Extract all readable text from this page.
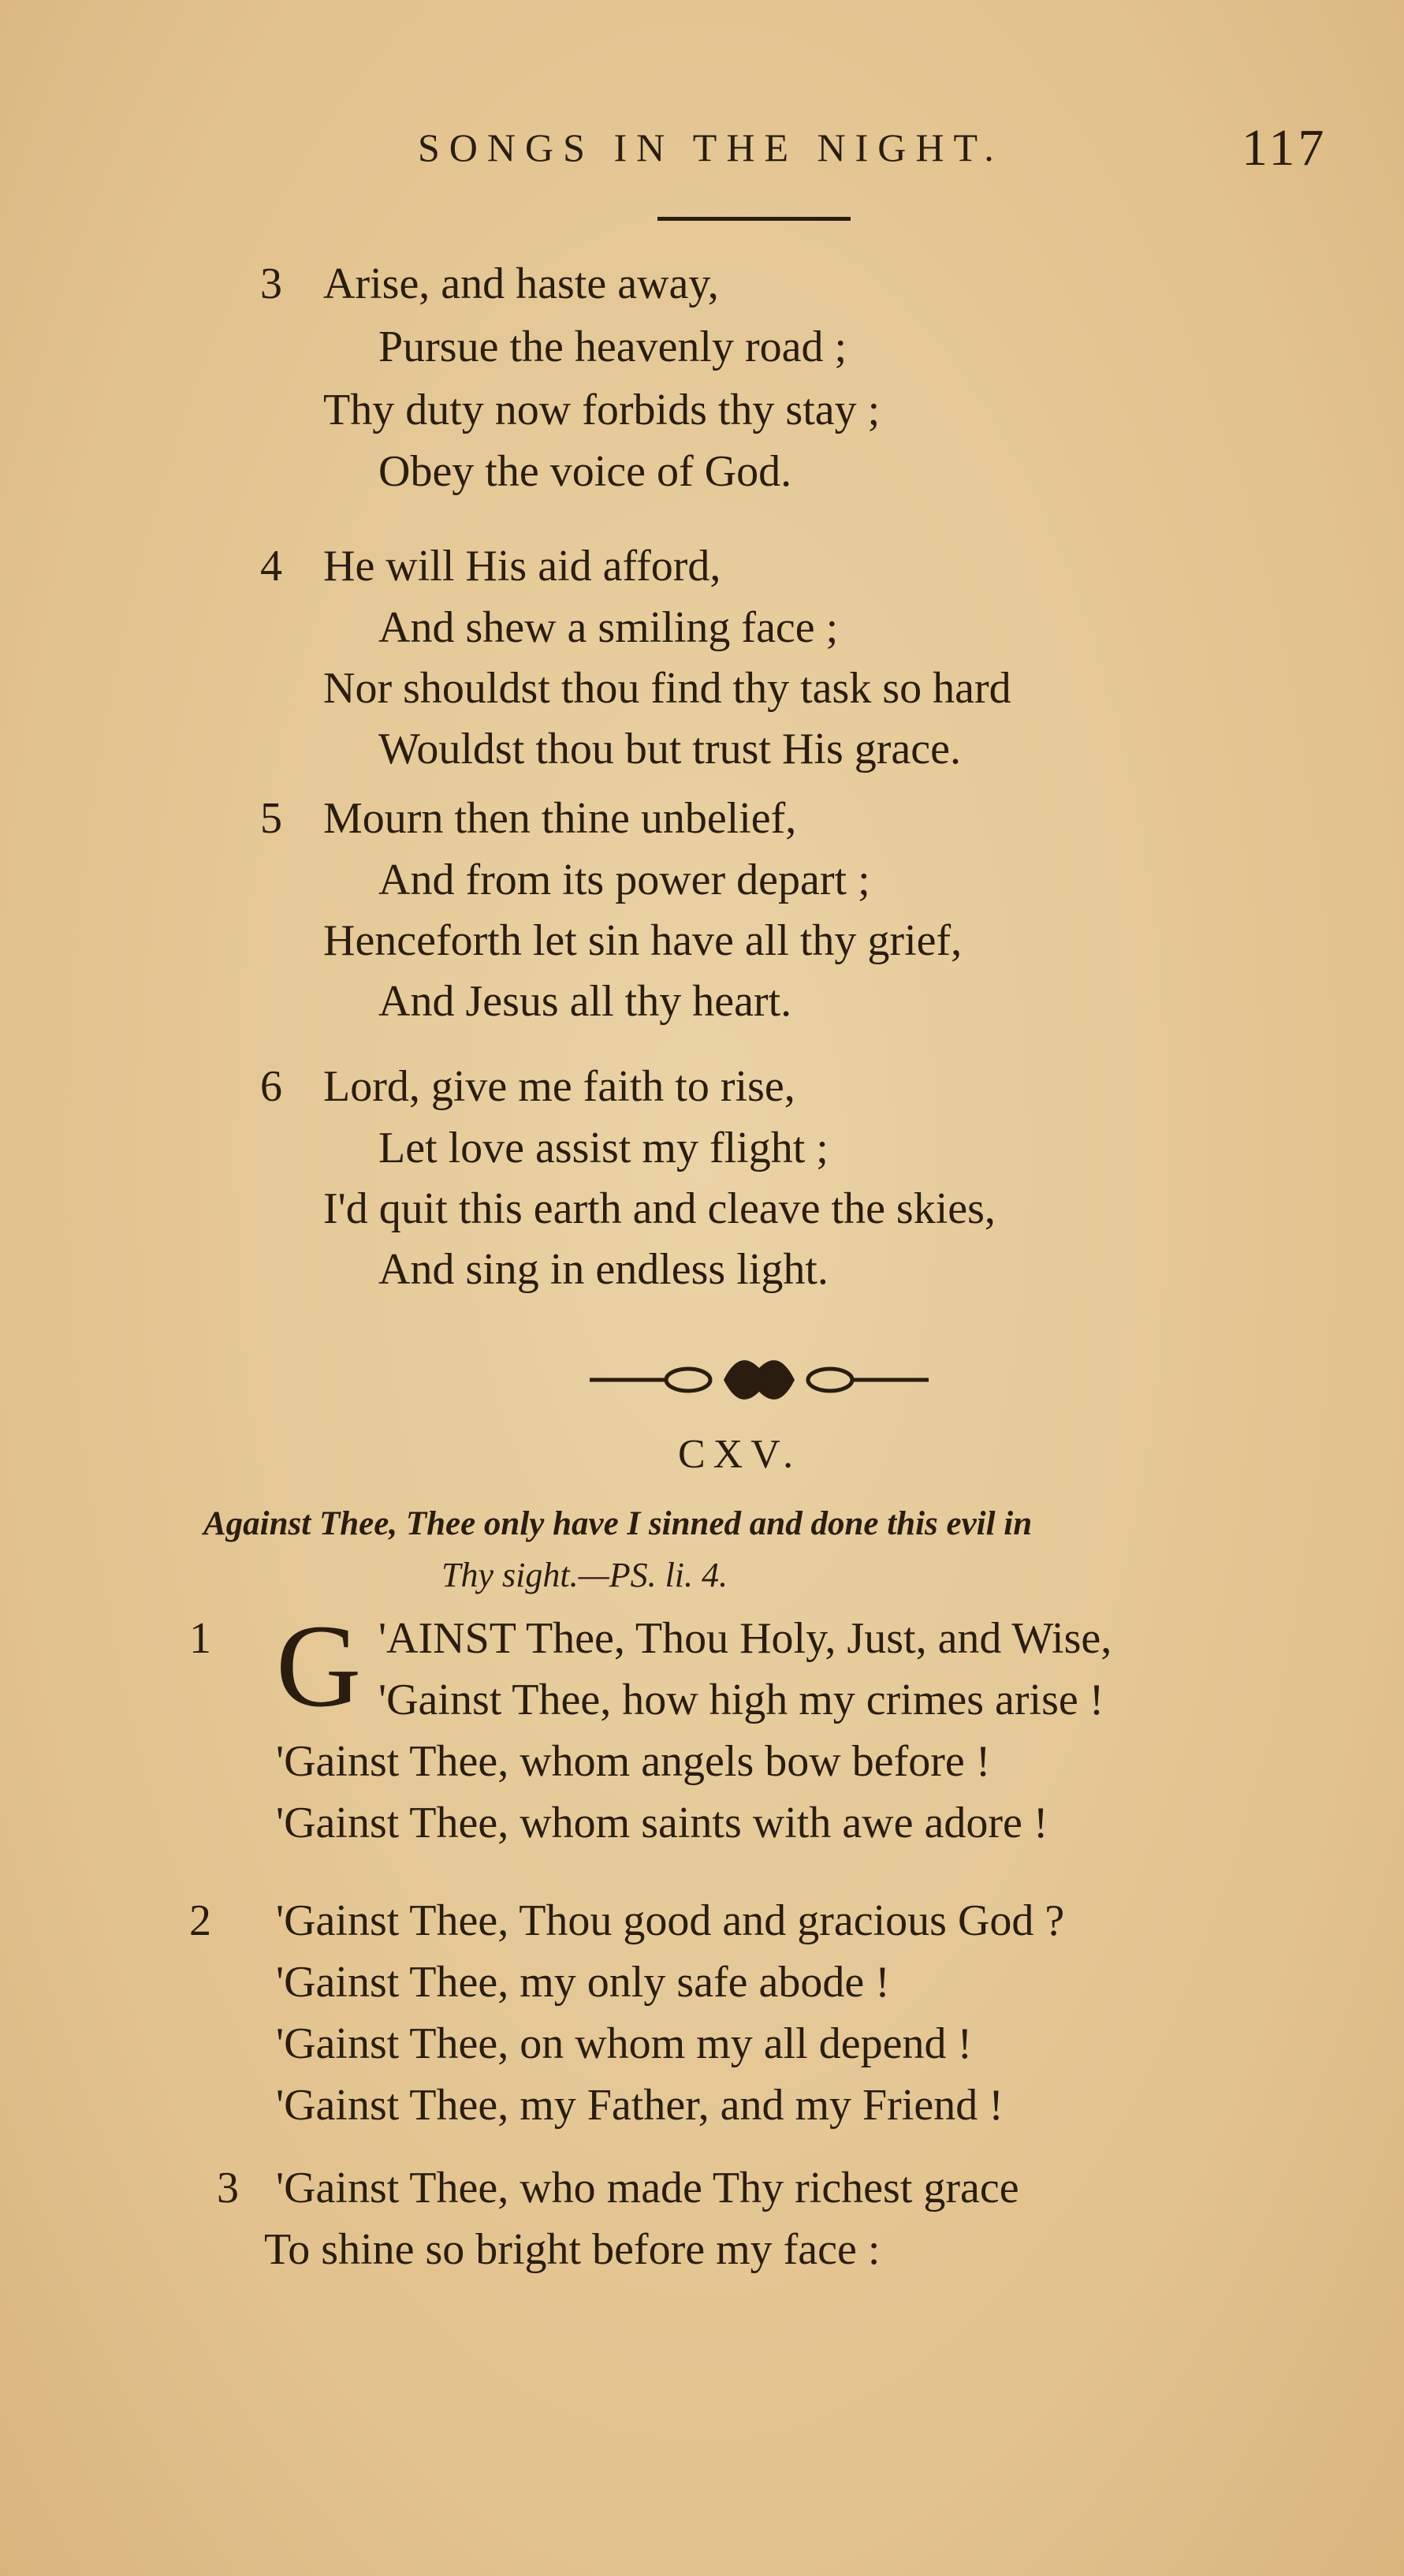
SONGS IN THE NIGHT.	117
3 Arise, and haste away,
Pursue the heavenly road ;
Thy duty now forbids thy stay ;
Obey the voice of God.
4 He will His aid afford,
And shew a smiling face ;
Nor shouldst thou find thy task so hard
Wouldst thou but trust His grace.
5 Mourn then thine unbelief,
And from its power depart ;
Henceforth let sin have all thy grief,
And Jesus all thy heart.
6 Lord, give me faith to rise,
Let love assist my flight ;
I'd quit this earth and cleave the skies,
And sing in endless light.
CXV.
Against Thee, Thee only have I sinned and done this evil in
Thy sight.—PS. li. 4.
1	'AINST Thee, Thou Holy, Just, and Wise,
'Gainst Thee, how high my crimes arise !
'Gainst Thee, whom angels bow before !
'Gainst Thee, whom saints with awe adore !
G
2 'Gainst Thee, Thou good and gracious God ?
'Gainst Thee, my only safe abode !
'Gainst Thee, on whom my all depend !
'Gainst Thee, my Father, and my Friend !
3 'Gainst Thee, who made Thy richest grace
To shine so bright before my face :
